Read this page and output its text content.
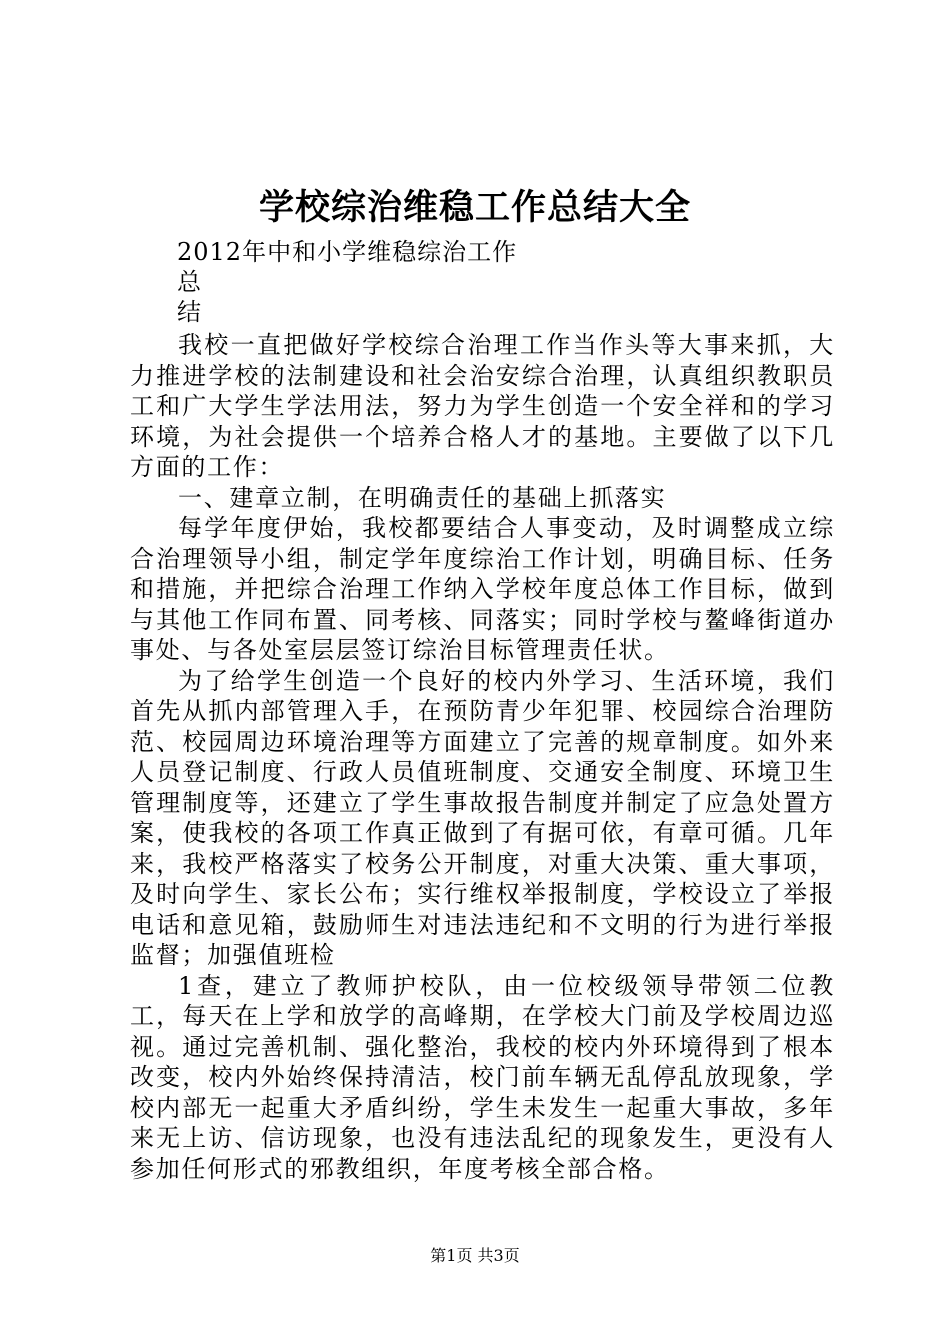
学校综治维稳工作总结大全
2012年中和小学维稳综治工作
总
结

我校一直把做好学校综合治理工作当作头等大事来抓，大力推进学校的法制建设和社会治安综合治理，认真组织教职员工和广大学生学法用法，努力为学生创造一个安全祥和的学习环境，为社会提供一个培养合格人才的基地。主要做了以下几方面的工作：

一、建章立制，在明确责任的基础上抓落实

每学年度伊始，我校都要结合人事变动，及时调整成立综合治理领导小组，制定学年度综治工作计划，明确目标、任务和措施，并把综合治理工作纳入学校年度总体工作目标，做到与其他工作同布置、同考核、同落实；同时学校与鳌峰街道办事处、与各处室层层签订综治目标管理责任状。

为了给学生创造一个良好的校内外学习、生活环境，我们首先从抓内部管理入手，在预防青少年犯罪、校园综合治理防范、校园周边环境治理等方面建立了完善的规章制度。如外来人员登记制度、行政人员值班制度、交通安全制度、环境卫生管理制度等，还建立了学生事故报告制度并制定了应急处置方案，使我校的各项工作真正做到了有据可依，有章可循。几年来，我校严格落实了校务公开制度，对重大决策、重大事项，及时向学生、家长公布；实行维权举报制度，学校设立了举报电话和意见箱，鼓励师生对违法违纪和不文明的行为进行举报监督；加强值班检

1查，建立了教师护校队，由一位校级领导带领二位教工，每天在上学和放学的高峰期，在学校大门前及学校周边巡视。通过完善机制、强化整治，我校的校内外环境得到了根本改变，校内外始终保持清洁，校门前车辆无乱停乱放现象，学校内部无一起重大矛盾纠纷，学生未发生一起重大事故，多年来无上访、信访现象，也没有违法乱纪的现象发生，更没有人参加任何形式的邪教组织，年度考核全部合格。

第1页 共3页
